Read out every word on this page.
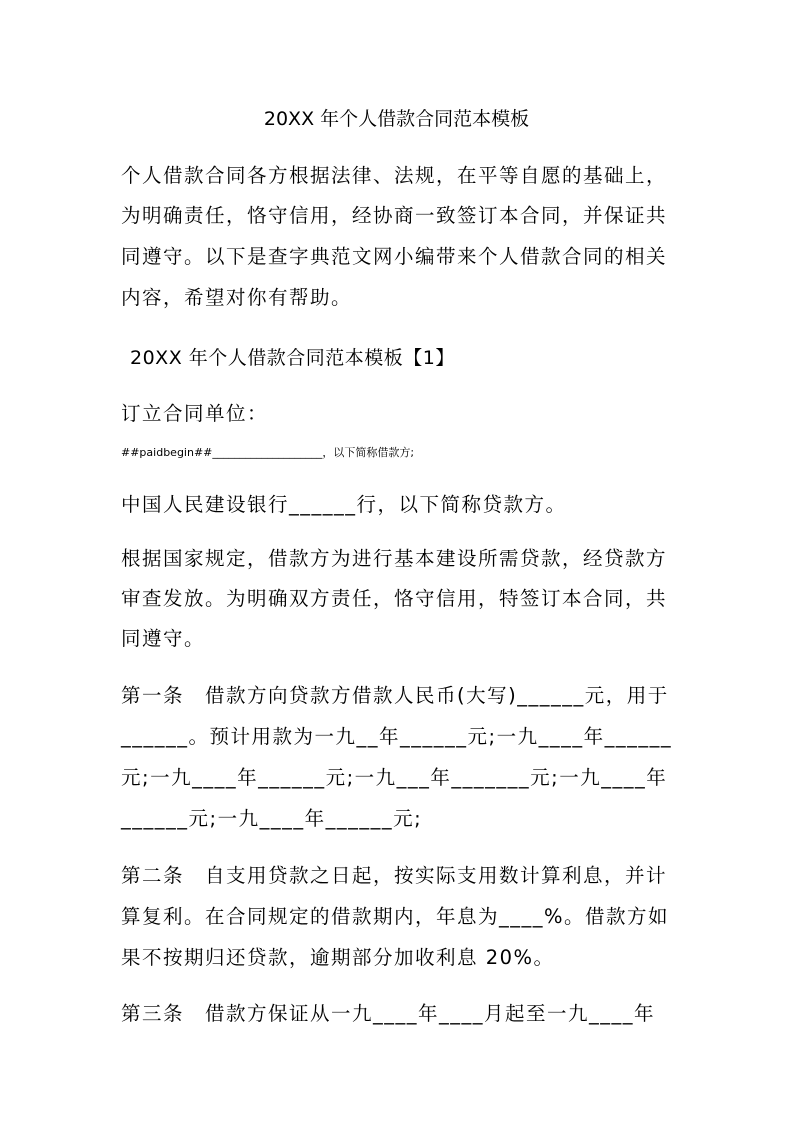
20XX 年个人借款合同范本模板

个人借款合同各方根据法律、法规，在平等自愿的基础上，

为明确责任，恪守信用，经协商一致签订本合同，并保证共

同遵守。以下是查字典范文网小编带来个人借款合同的相关

内容，希望对你有帮助。

20XX 年个人借款合同范本模板【1】

订立合同单位：

##paidbegin##____________________，以下简称借款方;

中国人民建设银行______行，以下简称贷款方。

根据国家规定，借款方为进行基本建设所需贷款，经贷款方

审查发放。为明确双方责任，恪守信用，特签订本合同，共

同遵守。

第一条　借款方向贷款方借款人民币(大写)______元，用于

______。预计用款为一九__年______元;一九____年______

元;一九____年______元;一九___年_______元;一九____年

______元;一九____年______元;

第二条　自支用贷款之日起，按实际支用数计算利息，并计

算复利。在合同规定的借款期内，年息为____%。借款方如

果不按期归还贷款，逾期部分加收利息 20%。

第三条　借款方保证从一九____年____月起至一九____年
